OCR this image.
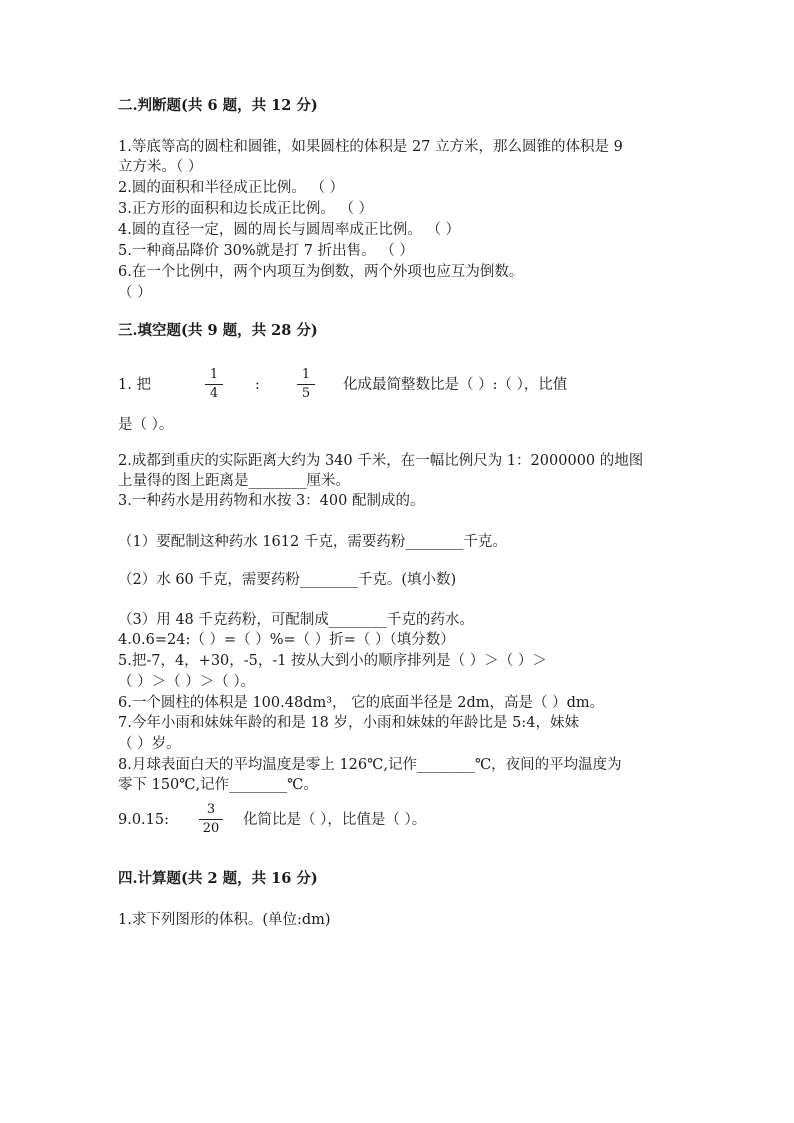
二.判断题(共 6 题，共 12 分)
1.等底等高的圆柱和圆锥，如果圆柱的体积是 27 立方米，那么圆锥的体积是 9
立方米。（ ）
2.圆的面积和半径成正比例。 （ ）
3.正方形的面积和边长成正比例。 （ ）
4.圆的直径一定，圆的周长与圆周率成正比例。 （ ）
5.一种商品降价 30%就是打 7 折出售。 （ ）
6.在一个比例中，两个内项互为倒数，两个外项也应互为倒数。
（ ）
三.填空题(共 9 题，共 28 分)
1. 把
1
4
:
1
5
化成最简整数比是（ ）:（ ），比值
是（ ）。
2.成都到重庆的实际距离大约为 340 千米，在一幅比例尺为 1：2000000 的地图
上量得的图上距离是________厘米。
3.一种药水是用药物和水按 3：400 配制成的。
（1）要配制这种药水 1612 千克，需要药粉________千克。
（2）水 60 千克，需要药粉________千克。(填小数)
（3）用 48 千克药粉，可配制成________千克的药水。
4.0.6=24:（ ）=（ ）%=（ ）折=（ ）（填分数）
5.把-7，4，+30，-5，-1 按从大到小的顺序排列是（ ）＞（ ）＞
（ ）＞（ ）＞（ ）。
6.一个圆柱的体积是 100.48dm³， 它的底面半径是 2dm，高是（ ）dm。
7.今年小雨和妹妹年龄的和是 18 岁，小雨和妹妹的年龄比是 5:4，妹妹
（ ）岁。
8.月球表面白天的平均温度是零上 126℃,记作________℃，夜间的平均温度为
零下 150℃,记作________℃。
9.0.15:
3
20
化简比是（ ），比值是（ ）。
四.计算题(共 2 题，共 16 分)
1.求下列图形的体积。(单位:dm)
